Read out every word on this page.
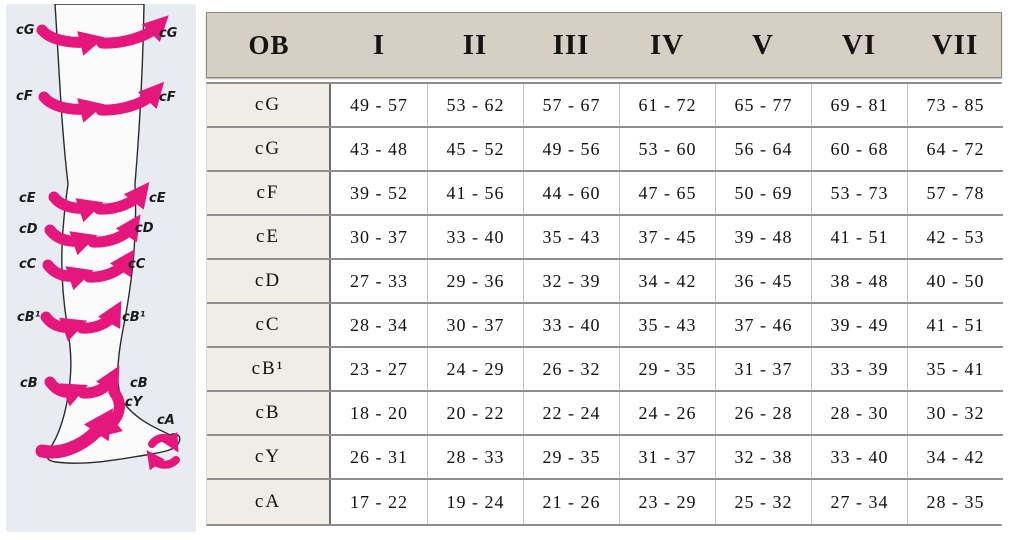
cG	cG
cF	cF
cE	cE
cD	cD
cC	cC
cB¹	cB¹
cB	cB
cY
cA
OB	I	II	III	IV	V	VI	VII
cG	49 - 57	53 - 62	57 - 67	61 - 72	65 - 77	69 - 81	73 - 85
cG	43 - 48	45 - 52	49 - 56	53 - 60	56 - 64	60 - 68	64 - 72
cF	39 - 52	41 - 56	44 - 60	47 - 65	50 - 69	53 - 73	57 - 78
cE	30 - 37	33 - 40	35 - 43	37 - 45	39 - 48	41 - 51	42 - 53
cD	27 - 33	29 - 36	32 - 39	34 - 42	36 - 45	38 - 48	40 - 50
cC	28 - 34	30 - 37	33 - 40	35 - 43	37 - 46	39 - 49	41 - 51
cB¹	23 - 27	24 - 29	26 - 32	29 - 35	31 - 37	33 - 39	35 - 41
cB	18 - 20	20 - 22	22 - 24	24 - 26	26 - 28	28 - 30	30 - 32
cY	26 - 31	28 - 33	29 - 35	31 - 37	32 - 38	33 - 40	34 - 42
cA	17 - 22	19 - 24	21 - 26	23 - 29	25 - 32	27 - 34	28 - 35
